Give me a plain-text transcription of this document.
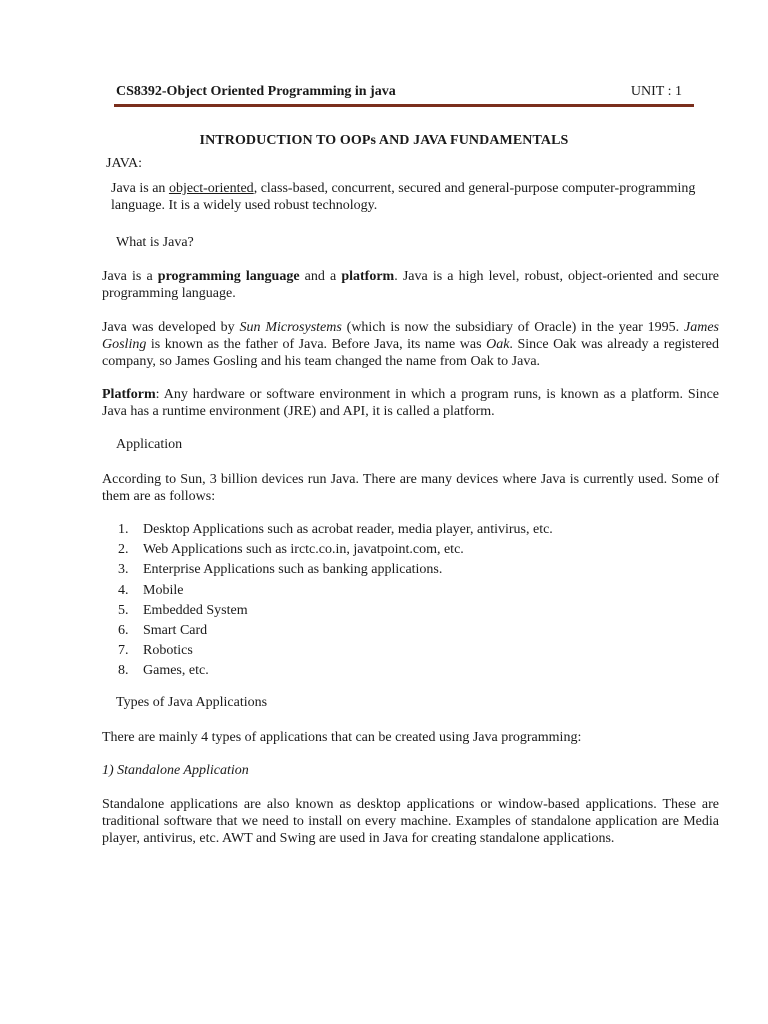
CS8392-Object Oriented Programming in java	UNIT : 1
INTRODUCTION TO OOPs AND JAVA FUNDAMENTALS
JAVA:
Java is an object-oriented, class-based, concurrent, secured and general-purpose computer-programming language. It is a widely used robust technology.
What is Java?
Java is a programming language and a platform. Java is a high level, robust, object-oriented and secure programming language.
Java was developed by Sun Microsystems (which is now the subsidiary of Oracle) in the year 1995. James Gosling is known as the father of Java. Before Java, its name was Oak. Since Oak was already a registered company, so James Gosling and his team changed the name from Oak to Java.
Platform: Any hardware or software environment in which a program runs, is known as a platform. Since Java has a runtime environment (JRE) and API, it is called a platform.
Application
According to Sun, 3 billion devices run Java. There are many devices where Java is currently used. Some of them are as follows:
1. Desktop Applications such as acrobat reader, media player, antivirus, etc.
2. Web Applications such as irctc.co.in, javatpoint.com, etc.
3. Enterprise Applications such as banking applications.
4. Mobile
5. Embedded System
6. Smart Card
7. Robotics
8. Games, etc.
Types of Java Applications
There are mainly 4 types of applications that can be created using Java programming:
1) Standalone Application
Standalone applications are also known as desktop applications or window-based applications. These are traditional software that we need to install on every machine. Examples of standalone application are Media player, antivirus, etc. AWT and Swing are used in Java for creating standalone applications.
